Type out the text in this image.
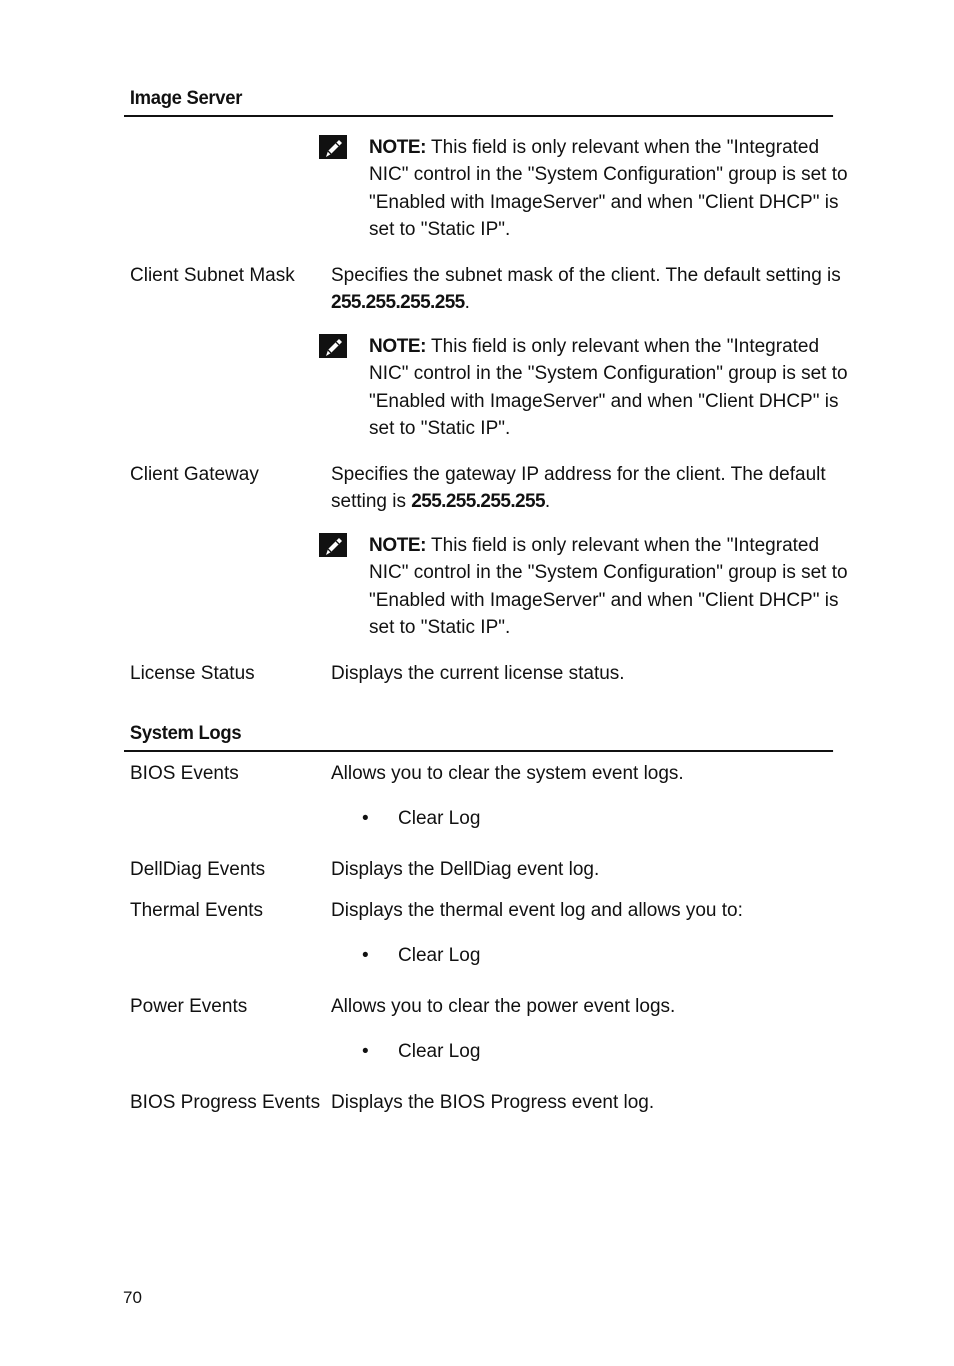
Image Server
NOTE: This field is only relevant when the "Integrated NIC" control in the "System Configuration" group is set to "Enabled with ImageServer" and when "Client DHCP" is set to "Static IP".
Client Subnet Mask	Specifies the subnet mask of the client. The default setting is 255.255.255.255.
NOTE: This field is only relevant when the "Integrated NIC" control in the "System Configuration" group is set to "Enabled with ImageServer" and when "Client DHCP" is set to "Static IP".
Client Gateway	Specifies the gateway IP address for the client. The default setting is 255.255.255.255.
NOTE: This field is only relevant when the "Integrated NIC" control in the "System Configuration" group is set to "Enabled with ImageServer" and when "Client DHCP" is set to "Static IP".
License Status	Displays the current license status.
System Logs
BIOS Events	Allows you to clear the system event logs.
•	Clear Log
DellDiag Events	Displays the DellDiag event log.
Thermal Events	Displays the thermal event log and allows you to:
•	Clear Log
Power Events	Allows you to clear the power event logs.
•	Clear Log
BIOS Progress Events Displays the BIOS Progress event log.
70
